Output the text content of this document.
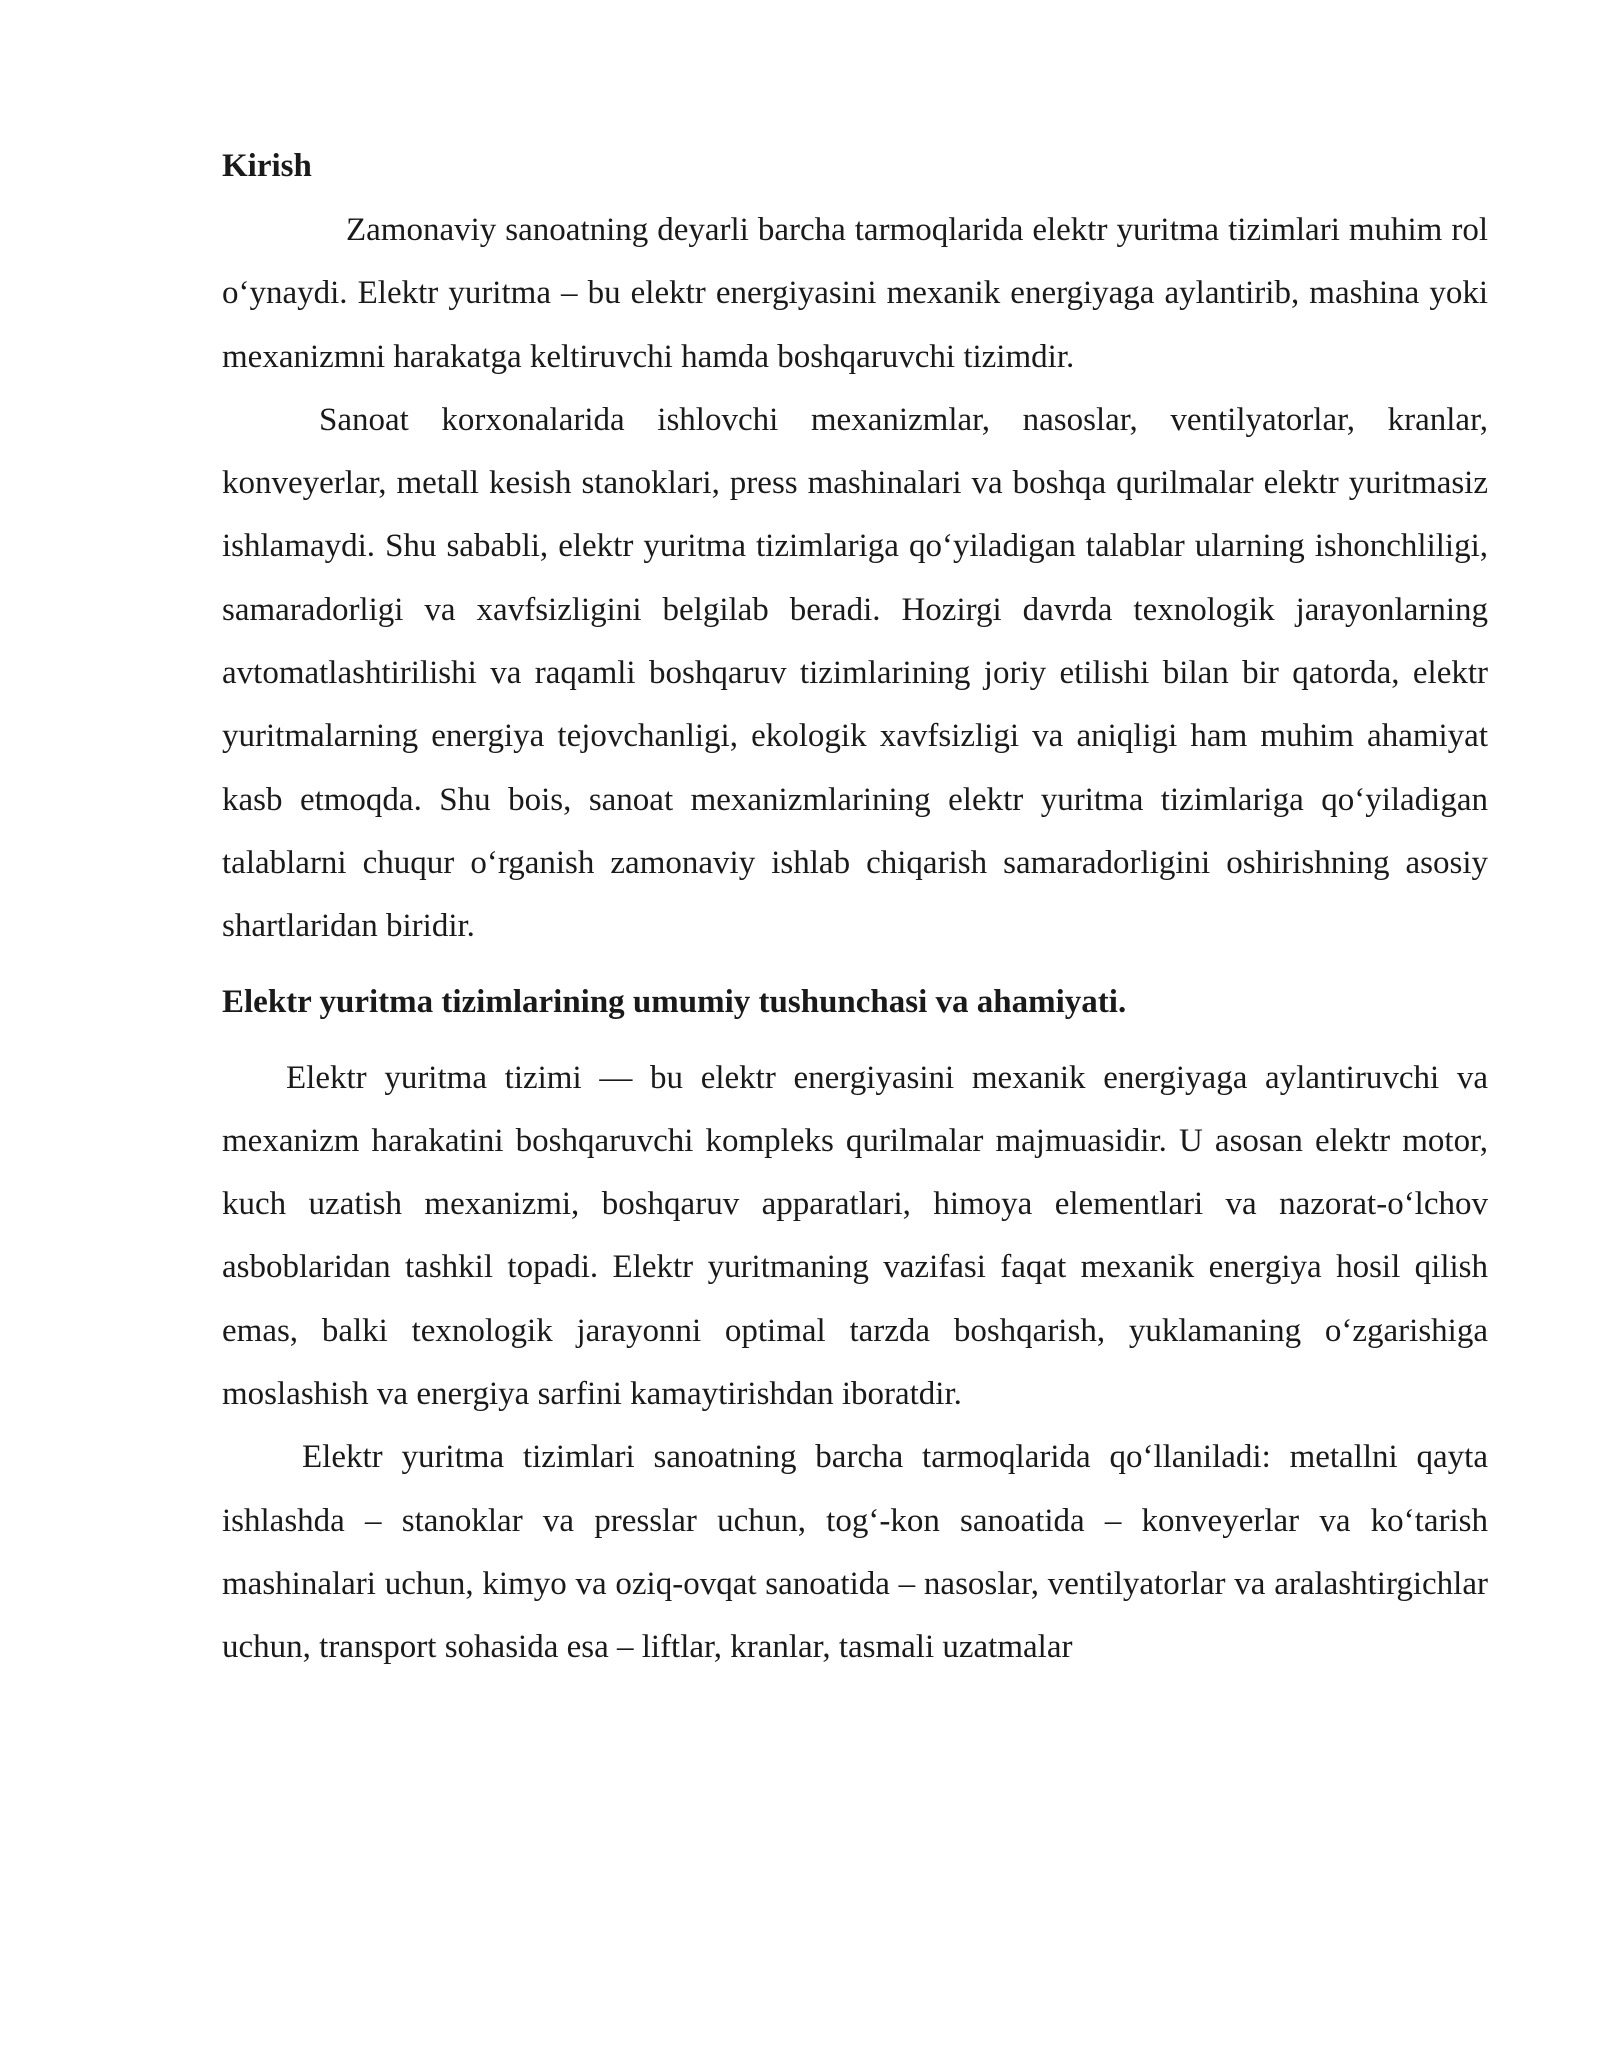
Kirish

Zamonaviy sanoatning deyarli barcha tarmoqlarida elektr yuritma tizimlari muhim rol o‘ynaydi. Elektr yuritma – bu elektr energiyasini mexanik energiyaga aylantirib, mashina yoki mexanizmni harakatga keltiruvchi hamda boshqaruvchi tizimdir.

Sanoat korxonalarida ishlovchi mexanizmlar, nasoslar, ventilyatorlar, kranlar, konveyerlar, metall kesish stanoklari, press mashinalari va boshqa qurilmalar elektr yuritmasiz ishlamaydi. Shu sababli, elektr yuritma tizimlariga qo‘yiladigan talablar ularning ishonchliligi, samaradorligi va xavfsizligini belgilab beradi. Hozirgi davrda texnologik jarayonlarning avtomatlashtirilishi va raqamli boshqaruv tizimlarining joriy etilishi bilan bir qatorda, elektr yuritmalarning energiya tejovchanligi, ekologik xavfsizligi va aniqligi ham muhim ahamiyat kasb etmoqda. Shu bois, sanoat mexanizmlarining elektr yuritma tizimlariga qo‘yiladigan talablarni chuqur o‘rganish zamonaviy ishlab chiqarish samaradorligini oshirishning asosiy shartlaridan biridir.

Elektr yuritma tizimlarining umumiy tushunchasi va ahamiyati.

Elektr yuritma tizimi — bu elektr energiyasini mexanik energiyaga aylantiruvchi va mexanizm harakatini boshqaruvchi kompleks qurilmalar majmuasidir. U asosan elektr motor, kuch uzatish mexanizmi, boshqaruv apparatlari, himoya elementlari va nazorat-o‘lchov asboblaridan tashkil topadi. Elektr yuritmaning vazifasi faqat mexanik energiya hosil qilish emas, balki texnologik jarayonni optimal tarzda boshqarish, yuklamaning o‘zgarishiga moslashish va energiya sarfini kamaytirishdan iboratdir.

Elektr yuritma tizimlari sanoatning barcha tarmoqlarida qo‘llaniladi: metallni qayta ishlashda – stanoklar va presslar uchun, tog‘-kon sanoatida – konveyerlar va ko‘tarish mashinalari uchun, kimyo va oziq-ovqat sanoatida – nasoslar, ventilyatorlar va aralashtirgichlar uchun, transport sohasida esa – liftlar, kranlar, tasmali uzatmalar
